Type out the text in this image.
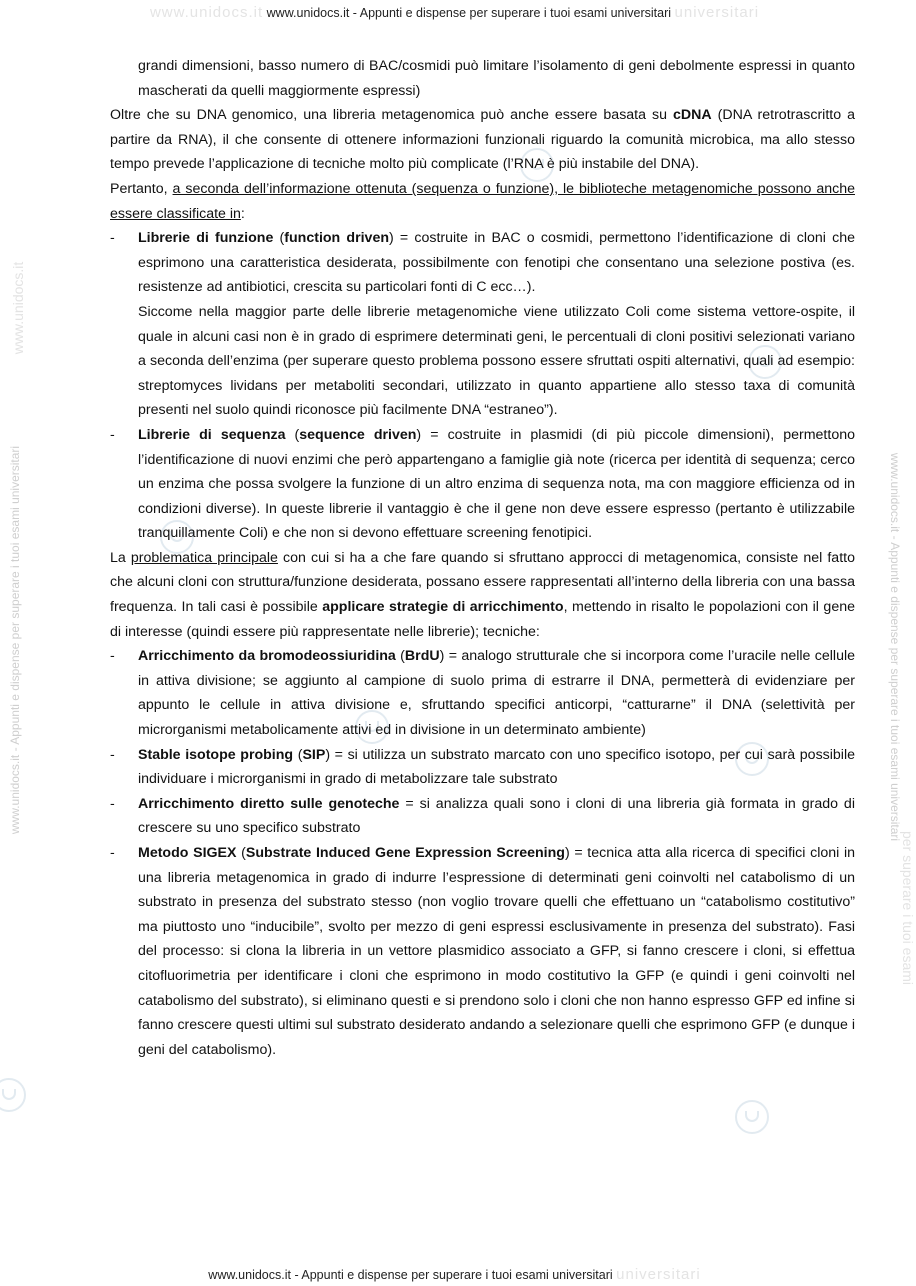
www.unidocs.it www.unidocs.it - Appunti e dispense per superare i tuoi esami universitari universitari
www.unidocs.it - Appunti e dispense per superare i tuoi esami universitari universitari
www.unidocs.it - Appunti e dispense per superare i tuoi esami universitari	www.unidocs.it - Appunti e dispense per superare i tuoi esami universitari
www.unidocs.it
per superare i tuoi esami

grandi dimensioni, basso numero di BAC/cosmidi può limitare l’isolamento di geni debolmente espressi in quanto mascherati da quelli maggiormente espressi)

Oltre che su DNA genomico, una libreria metagenomica può anche essere basata su cDNA (DNA retrotrascritto a partire da RNA), il che consente di ottenere informazioni funzionali riguardo la comunità microbica, ma allo stesso tempo prevede l’applicazione di tecniche molto più complicate (l’RNA è più instabile del DNA).

Pertanto, a seconda dell’informazione ottenuta (sequenza o funzione), le biblioteche metagenomiche possono anche essere classificate in:

- Librerie di funzione (function driven) = costruite in BAC o cosmidi, permettono l’identificazione di cloni che esprimono una caratteristica desiderata, possibilmente con fenotipi che consentano una selezione postiva (es. resistenze ad antibiotici, crescita su particolari fonti di C ecc…).

Siccome nella maggior parte delle librerie metagenomiche viene utilizzato Coli come sistema vettore-ospite, il quale in alcuni casi non è in grado di esprimere determinati geni, le percentuali di cloni positivi selezionati variano a seconda dell’enzima (per superare questo problema possono essere sfruttati ospiti alternativi, quali ad esempio: streptomyces lividans per metaboliti secondari, utilizzato in quanto appartiene allo stesso taxa di comunità presenti nel suolo quindi riconosce più facilmente DNA “estraneo”).

- Librerie di sequenza (sequence driven) = costruite in plasmidi (di più piccole dimensioni), permettono l’identificazione di nuovi enzimi che però appartengano a famiglie già note (ricerca per identità di sequenza; cerco un enzima che possa svolgere la funzione di un altro enzima di sequenza nota, ma con maggiore efficienza od in condizioni diverse). In queste librerie il vantaggio è che il gene non deve essere espresso (pertanto è utilizzabile tranquillamente Coli) e che non si devono effettuare screening fenotipici.

La problematica principale con cui si ha a che fare quando si sfruttano approcci di metagenomica, consiste nel fatto che alcuni cloni con struttura/funzione desiderata, possano essere rappresentati all’interno della libreria con una bassa frequenza. In tali casi è possibile applicare strategie di arricchimento, mettendo in risalto le popolazioni con il gene di interesse (quindi essere più rappresentate nelle librerie); tecniche:

- Arricchimento da bromodeossiuridina (BrdU) = analogo strutturale che si incorpora come l’uracile nelle cellule in attiva divisione; se aggiunto al campione di suolo prima di estrarre il DNA, permetterà di evidenziare per appunto le cellule in attiva divisione e, sfruttando specifici anticorpi, “catturarne” il DNA (selettività per microrganismi metabolicamente attivi ed in divisione in un determinato ambiente)

- Stable isotope probing (SIP) = si utilizza un substrato marcato con uno specifico isotopo, per cui sarà possibile individuare i microrganismi in grado di metabolizzare tale substrato

- Arricchimento diretto sulle genoteche = si analizza quali sono i cloni di una libreria già formata in grado di crescere su uno specifico substrato

- Metodo SIGEX (Substrate Induced Gene Expression Screening) = tecnica atta alla ricerca di specifici cloni in una libreria metagenomica in grado di indurre l’espressione di determinati geni coinvolti nel catabolismo di un substrato in presenza del substrato stesso (non voglio trovare quelli che effettuano un “catabolismo costitutivo” ma piuttosto uno “inducibile”, svolto per mezzo di geni espressi esclusivamente in presenza del substrato). Fasi del processo: si clona la libreria in un vettore plasmidico associato a GFP, si fanno crescere i cloni, si effettua citofluorimetria per identificare i cloni che esprimono in modo costitutivo la GFP (e quindi i geni coinvolti nel catabolismo del substrato), si eliminano questi e si prendono solo i cloni che non hanno espresso GFP ed infine si fanno crescere questi ultimi sul substrato desiderato andando a selezionare quelli che esprimono GFP (e dunque i geni del catabolismo).
